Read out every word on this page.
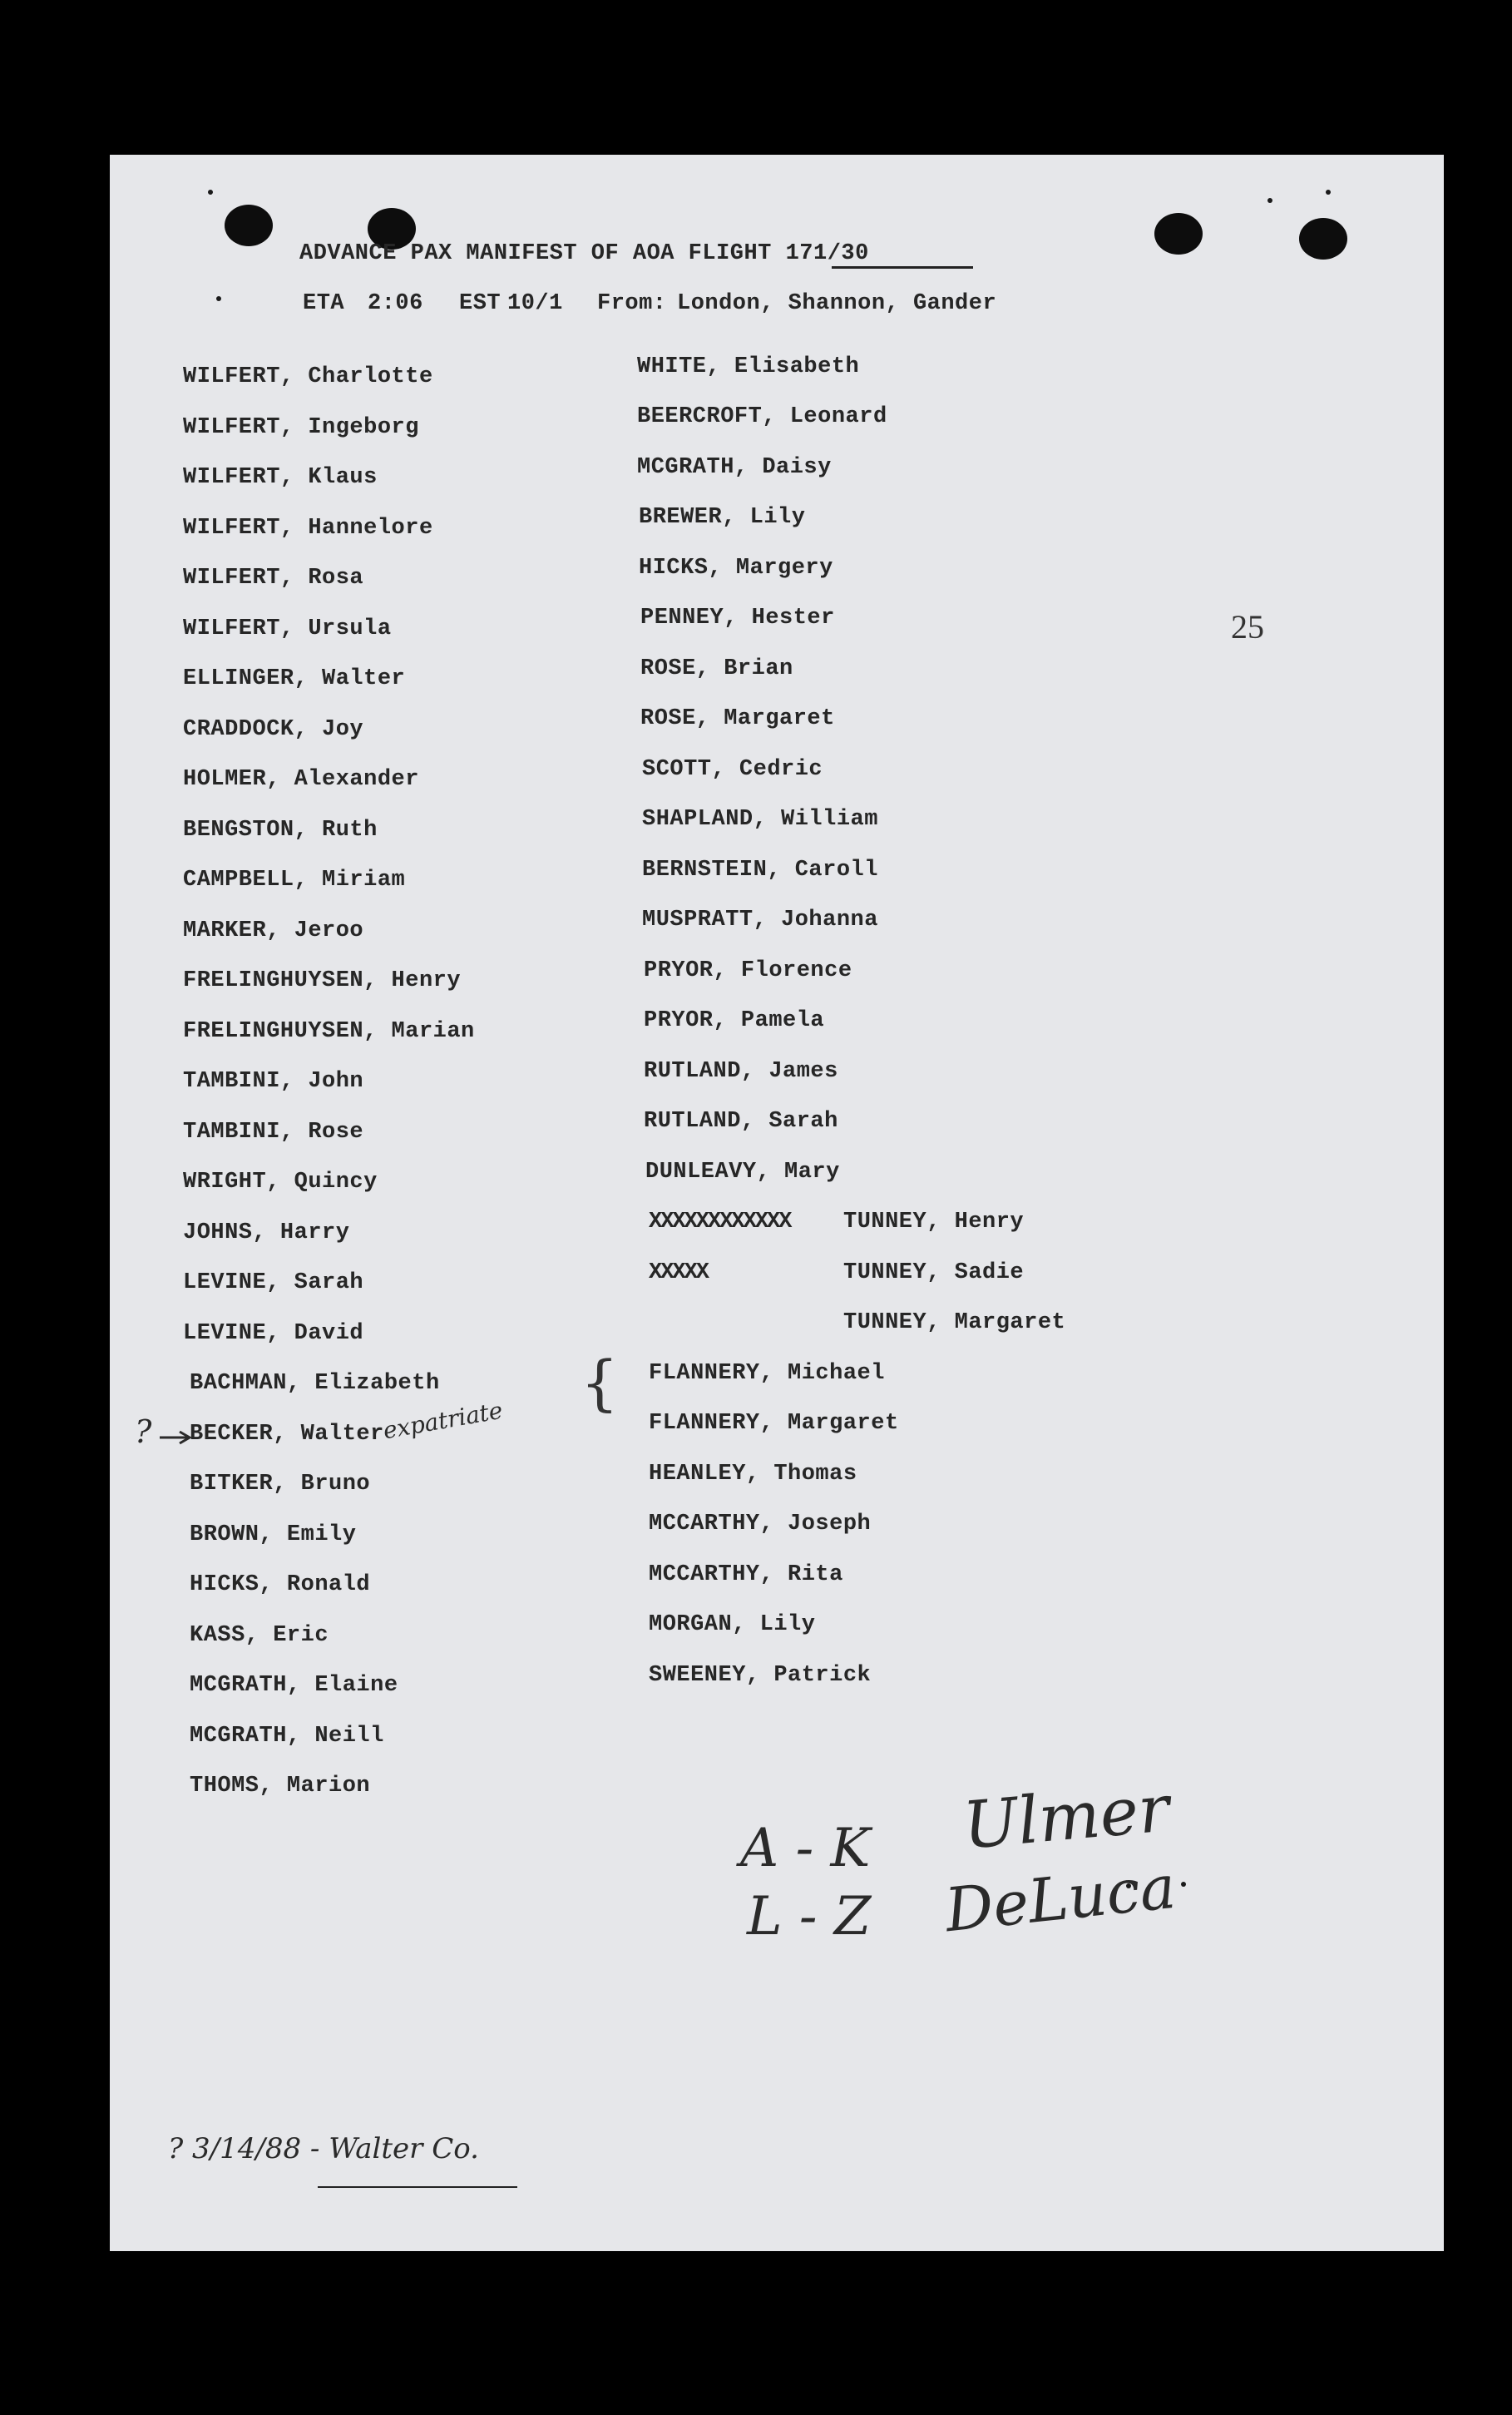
ADVANCE PAX MANIFEST OF AOA FLIGHT 171/30
ETA 2:06 EST 10/1 From: London, Shannon, Gander
25
WILFERT, Charlotte
WILFERT, Ingeborg
WILFERT, Klaus
WILFERT, Hannelore
WILFERT, Rosa
WILFERT, Ursula
ELLINGER, Walter
CRADDOCK, Joy
HOLMER, Alexander
BENGSTON, Ruth
CAMPBELL, Miriam
MARKER, Jeroo
FRELINGHUYSEN, Henry
FRELINGHUYSEN, Marian
TAMBINI, John
TAMBINI, Rose
WRIGHT, Quincy
JOHNS, Harry
LEVINE, Sarah
LEVINE, David
BACHMAN, Elizabeth
BECKER, Walter
BITKER, Bruno
BROWN, Emily
HICKS, Ronald
KASS, Eric
MCGRATH, Elaine
MCGRATH, Neill
THOMS, Marion
WHITE, Elisabeth
BEERCROFT, Leonard
MCGRATH, Daisy
BREWER, Lily
HICKS, Margery
PENNEY, Hester
ROSE, Brian
ROSE, Margaret
SCOTT, Cedric
SHAPLAND, William
BERNSTEIN, Caroll
MUSPRATT, Johanna
PRYOR, Florence
PRYOR, Pamela
RUTLAND, James
RUTLAND, Sarah
DUNLEAVY, Mary
XXXXXXXXXXXX
XXXXX
TUNNEY, Henry
TUNNEY, Sadie
TUNNEY, Margaret
FLANNERY, Michael
FLANNERY, Margaret
HEANLEY, Thomas
MCCARTHY, Joseph
MCCARTHY, Rita
MORGAN, Lily
SWEENEY, Patrick
?	expatriate
{
A - K Ulmer
L - Z DeLuca
? 3/14/88 - Walter Co.
